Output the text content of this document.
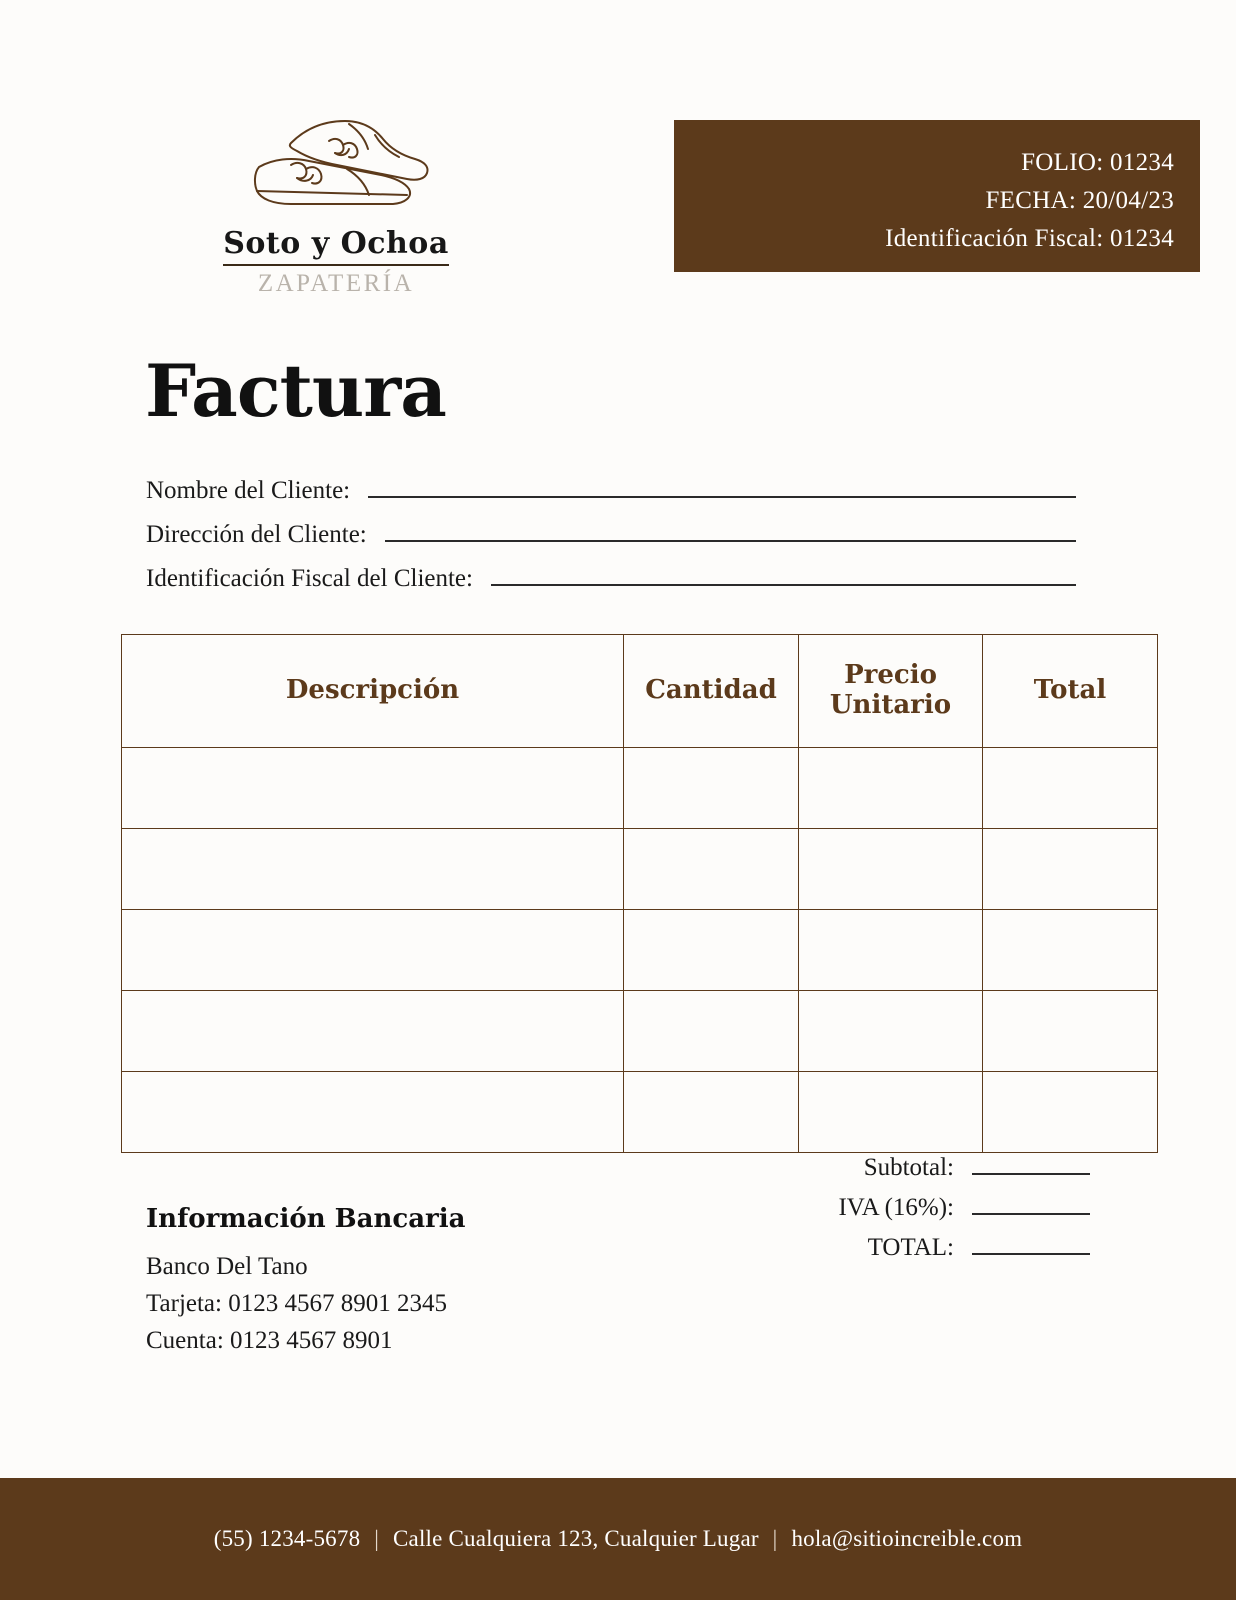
Soto y Ochoa
ZAPATERÍA
FOLIO: 01234
FECHA: 20/04/23
Identificación Fiscal: 01234
Factura
Nombre del Cliente:
Dirección del Cliente:
Identificación Fiscal del Cliente:
Descripción	Cantidad	Precio Unitario	Total

Subtotal:
IVA (16%):
TOTAL:
Información Bancaria
Banco Del Tano
Tarjeta: 0123 4567 8901 2345
Cuenta: 0123 4567 8901
(55) 1234-5678 | Calle Cualquiera 123, Cualquier Lugar | hola@sitioincreible.com
